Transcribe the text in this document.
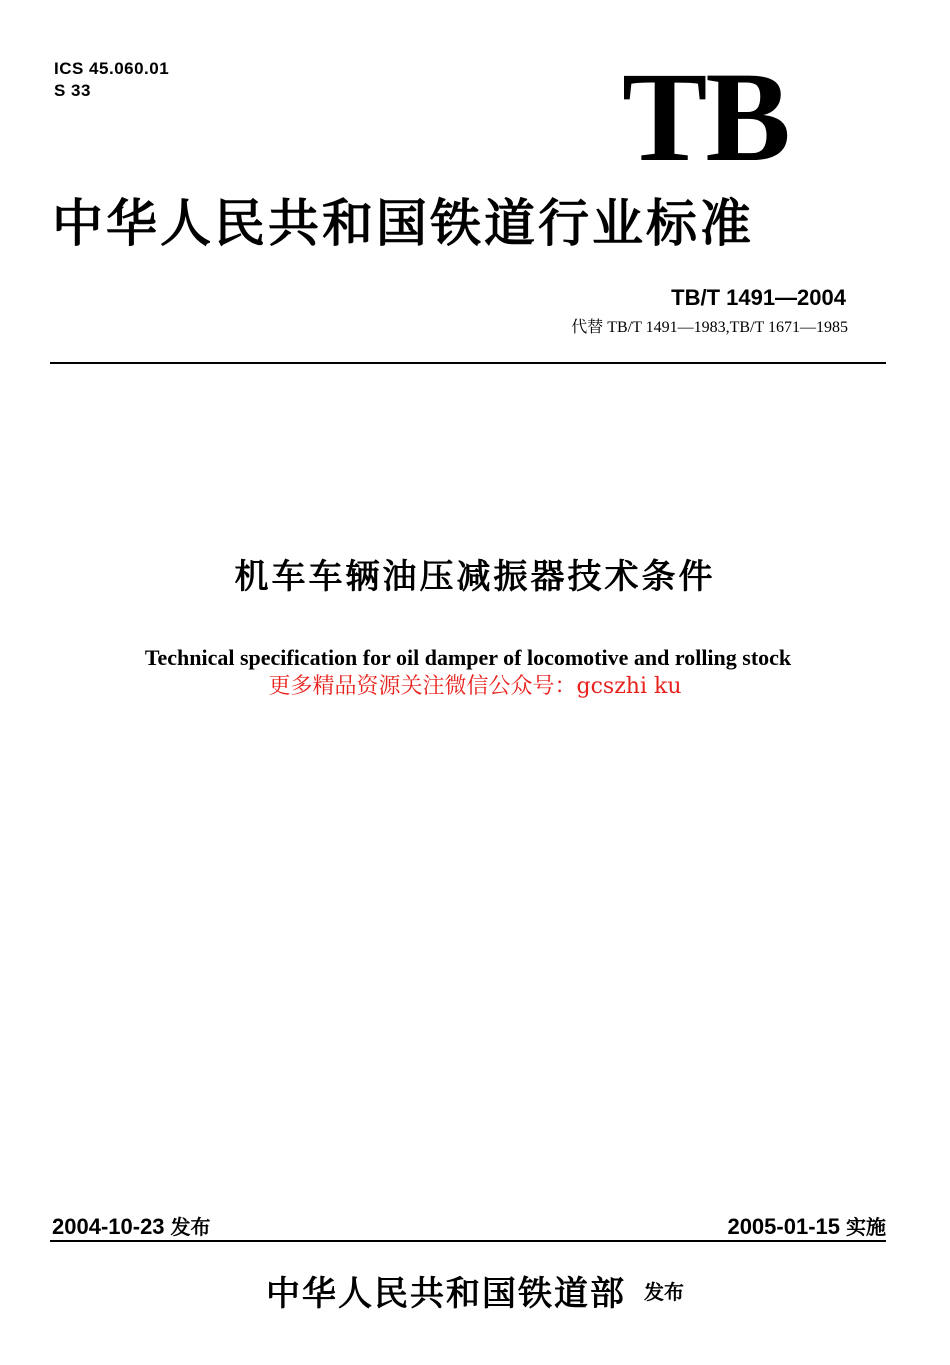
ICS 45.060.01
S 33	TB
中华人民共和国铁道行业标准
TB/T 1491—2004
代替 TB/T 1491—1983,TB/T 1671—1985
机车车辆油压减振器技术条件
Technical specification for oil damper of locomotive and rolling stock
更多精品资源关注微信公众号：gcszhi ku
2004-10-23 发布	2005-01-15 实施
中华人民共和国铁道部 发布
